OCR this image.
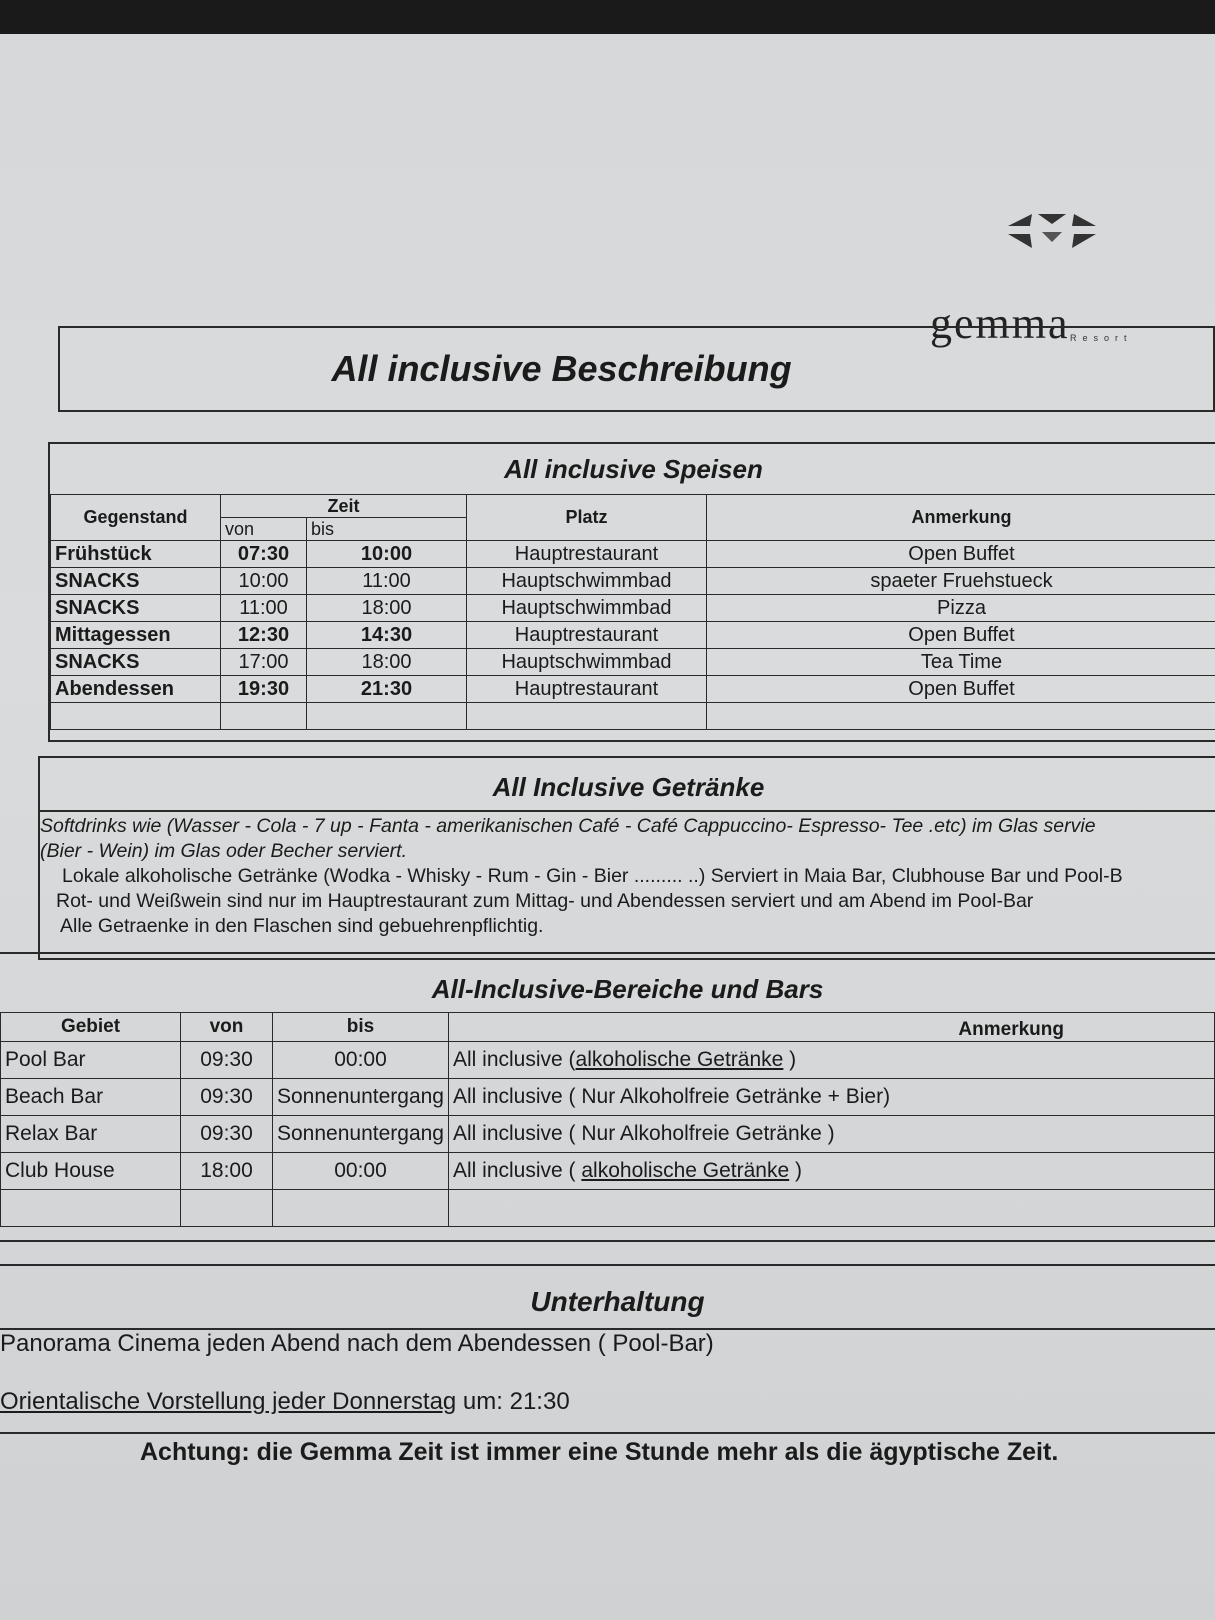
gemma Resort
All inclusive Beschreibung
All inclusive Speisen
Gegenstand	Zeit		Platz	Anmerkung
	von	bis		
Frühstück	07:30	10:00	Hauptrestaurant	Open Buffet
SNACKS	10:00	11:00	Hauptschwimmbad	spaeter Fruehstueck
SNACKS	11:00	18:00	Hauptschwimmbad	Pizza
Mittagessen	12:30	14:30	Hauptrestaurant	Open Buffet
SNACKS	17:00	18:00	Hauptschwimmbad	Tea Time
Abendessen	19:30	21:30	Hauptrestaurant	Open Buffet

All Inclusive Getränke
Softdrinks wie (Wasser - Cola - 7 up - Fanta - amerikanischen Café - Café Cappuccino- Espresso- Tee .etc) im Glas servie
(Bier - Wein) im Glas oder Becher serviert.
Lokale alkoholische Getränke (Wodka - Whisky - Rum - Gin - Bier ......... ..) Serviert in Maia Bar, Clubhouse Bar und Pool-B
Rot- und Weißwein sind nur im Hauptrestaurant zum Mittag- und Abendessen serviert und am Abend im Pool-Bar
Alle Getraenke in den Flaschen sind gebuehrenpflichtig.
All-Inclusive-Bereiche und Bars
Gebiet	von	bis	Anmerkung
Pool Bar	09:30	00:00	All inclusive (alkoholische Getränke )
Beach Bar	09:30	Sonnenuntergang	All inclusive ( Nur Alkoholfreie Getränke + Bier)
Relax Bar	09:30	Sonnenuntergang	All inclusive ( Nur Alkoholfreie Getränke )
Club House	18:00	00:00	All inclusive ( alkoholische Getränke )

Unterhaltung
Panorama Cinema jeden Abend nach dem Abendessen ( Pool-Bar)
Orientalische Vorstellung jeder Donnerstag um: 21:30
Achtung: die Gemma Zeit ist immer eine Stunde mehr als die ägyptische Zeit.
